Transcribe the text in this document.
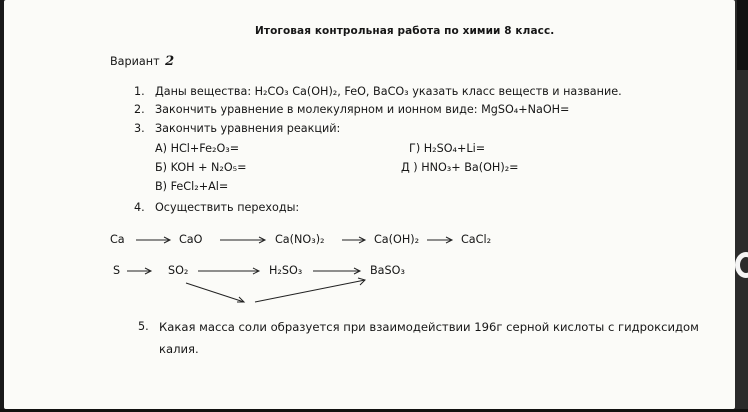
Итоговая контрольная работа по химии 8 класс.
Вариант 2
1. Даны вещества: H₂CO₃ Ca(OH)₂, FeO, BaCO₃ указать класс веществ и название.
2. Закончить уравнение в молекулярном и ионном виде: MgSO₄+NaOH=
3. Закончить уравнения реакций:
А) HCl+Fe₂O₃=	Г) H₂SO₄+Li=
Б) KOH + N₂O₅=	Д ) HNO₃+ Ba(OH)₂=
В) FeCl₂+Al=
4. Осуществить переходы:
Ca	CaO	Ca(NO₃)₂	Ca(OH)₂	CaCl₂
S	SO₂	H₂SO₃	BaSO₃
5. Какая масса соли образуется при взаимодействии 196г серной кислоты с гидроксидом
калия.
